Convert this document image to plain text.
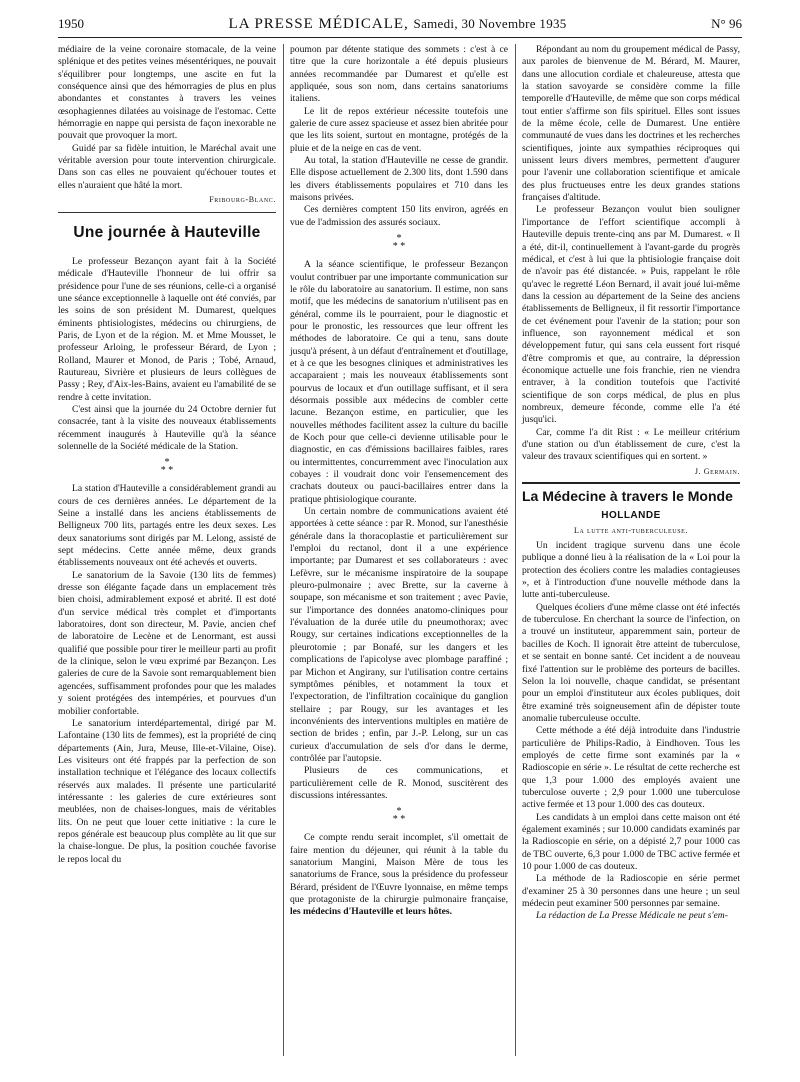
1950	LA PRESSE MÉDICALE, Samedi, 30 Novembre 1935	N° 96

médiaire de la veine coronaire stomacale, de la veine splénique et des petites veines mésentériques, ne pouvait s'équilibrer pour longtemps, une ascite en fut la conséquence ainsi que des hémorragies de plus en plus abondantes et constantes à travers les veines œsophagiennes dilatées au voisinage de l'estomac. Cette hémorragie en nappe qui persista de façon inexorable ne pouvait que provoquer la mort.

Guidé par sa fidèle intuition, le Maréchal avait une véritable aversion pour toute intervention chirurgicale. Dans son cas elles ne pouvaient qu'échouer toutes et elles n'auraient que hâté la mort.

Fribourg-Blanc.
Une journée à Hauteville

Le professeur Bezançon ayant fait à la Société médicale d'Hauteville l'honneur de lui offrir sa présidence pour l'une de ses réunions, celle-ci a organisé une séance exceptionnelle à laquelle ont été conviés, par les soins de son président M. Dumarest, quelques éminents phtisiologistes, médecins ou chirurgiens, de Paris, de Lyon et de la région. M. et Mme Mousset, le professeur Arloing, le professeur Bérard, de Lyon ; Rolland, Maurer et Monod, de Paris ; Tobé, Arnaud, Rautureau, Sivrière et plusieurs de leurs collègues de Passy ; Rey, d'Aix-les-Bains, avaient eu l'amabilité de se rendre à cette invitation.

C'est ainsi que la journée du 24 Octobre dernier fut consacrée, tant à la visite des nouveaux établissements récemment inaugurés à Hauteville qu'à la séance solennelle de la Société médicale de la Station.

*
* *

La station d'Hauteville a considérablement grandi au cours de ces dernières années. Le département de la Seine a installé dans les anciens établissements de Belligneux 700 lits, partagés entre les deux sexes. Les deux sanatoriums sont dirigés par M. Lelong, assisté de sept médecins. Cette année même, deux grands établissements nouveaux ont été achevés et ouverts.

Le sanatorium de la Savoie (130 lits de femmes) dresse son élégante façade dans un emplacement très bien choisi, admirablement exposé et abrité. Il est doté d'un service médical très complet et d'importants laboratoires, dont son directeur, M. Pavie, ancien chef de laboratoire de Lecène et de Lenormant, est aussi qualifié que possible pour tirer le meilleur parti au profit de la clinique, selon le vœu exprimé par Bezançon. Les galeries de cure de la Savoie sont remarquablement bien agencées, suffisamment profondes pour que les malades y soient protégées des intempéries, et pourvues d'un mobilier confortable.

Le sanatorium interdépartemental, dirigé par M. Lafontaine (130 lits de femmes), est la propriété de cinq départements (Ain, Jura, Meuse, Ille-et-Vilaine, Oise). Les visiteurs ont été frappés par la perfection de son installation technique et l'élégance des locaux collectifs réservés aux malades. Il présente une particularité intéressante : les galeries de cure extérieures sont meublées, non de chaises-longues, mais de véritables lits. On ne peut que louer cette initiative : la cure le repos générale est beaucoup plus complète au lit que sur la chaise-longue. De plus, la position couchée favorise le repos local du

poumon par détente statique des sommets : c'est à ce titre que la cure horizontale a été depuis plusieurs années recommandée par Dumarest et qu'elle est appliquée, sous son nom, dans certains sanatoriums italiens.

Le lit de repos extérieur nécessite toutefois une galerie de cure assez spacieuse et assez bien abritée pour que les lits soient, surtout en montagne, protégés de la pluie et de la neige en cas de vent.

Au total, la station d'Hauteville ne cesse de grandir. Elle dispose actuellement de 2.300 lits, dont 1.590 dans les divers établissements populaires et 710 dans les maisons privées.

Ces dernières comptent 150 lits environ, agréés en vue de l'admission des assurés sociaux.

*
* *

A la séance scientifique, le professeur Bezançon voulut contribuer par une importante communication sur le rôle du laboratoire au sanatorium. Il estime, non sans motif, que les médecins de sanatorium n'utilisent pas en général, comme ils le pourraient, pour le diagnostic et pour le pronostic, les ressources que leur offrent les méthodes de laboratoire. Ce qui a tenu, sans doute jusqu'à présent, à un défaut d'entraînement et d'outillage, et à ce que les besognes cliniques et administratives les accaparaient ; mais les nouveaux établissements sont pourvus de locaux et d'un outillage suffisant, et il sera désormais possible aux médecins de combler cette lacune. Bezançon estime, en particulier, que les nouvelles méthodes facilitent assez la culture du bacille de Koch pour que celle-ci devienne utilisable pour le diagnostic, en cas d'émissions bacillaires faibles, rares ou intermittentes, concurremment avec l'inoculation aux cobayes : il voudrait donc voir l'ensemencement des crachats douteux ou pauci-bacillaires entrer dans la pratique phtisiologique courante.

Un certain nombre de communications avaient été apportées à cette séance : par R. Monod, sur l'anesthésie générale dans la thoracoplastie et particulièrement sur l'emploi du rectanol, dont il a une expérience importante; par Dumarest et ses collaborateurs : avec Lefèvre, sur le mécanisme inspiratoire de la soupape pleuro-pulmonaire ; avec Brette, sur la caverne à soupape, son mécanisme et son traitement ; avec Pavie, sur l'importance des données anatomo-cliniques pour l'évaluation de la durée utile du pneumothorax; avec Rougy, sur certaines indications exceptionnelles de la pleurotomie ; par Bonafé, sur les dangers et les complications de l'apicolyse avec plombage paraffiné ; par Michon et Angirany, sur l'utilisation contre certains symptômes pénibles, et notamment la toux et l'expectoration, de l'infiltration cocaïnique du ganglion stellaire ; par Rougy, sur les avantages et les inconvénients des interventions multiples en matière de section de brides ; enfin, par J.-P. Lelong, sur un cas curieux d'accumulation de sels d'or dans le derme, contrôlée par l'autopsie.

Plusieurs de ces communications, et particulièrement celle de R. Monod, suscitèrent des discussions intéressantes.

*
* *

Ce compte rendu serait incomplet, s'il omettait de faire mention du déjeuner, qui réunit à la table du sanatorium Mangini, Maison Mère de tous les sanatoriums de France, sous la présidence du professeur Bérard, président de l'Œuvre lyonnaise, en même temps que protagoniste de la chirurgie pulmonaire française, les médecins d'Hauteville et leurs hôtes.

Répondant au nom du groupement médical de Passy, aux paroles de bienvenue de M. Bérard, M. Maurer, dans une allocution cordiale et chaleureuse, attesta que la station savoyarde se considère comme la fille temporelle d'Hauteville, de même que son corps médical tout entier s'affirme son fils spirituel. Elles sont issues de la même école, celle de Dumarest. Une entière communauté de vues dans les doctrines et les recherches scientifiques, jointe aux sympathies réciproques qui unissent leurs divers membres, permettent d'augurer pour l'avenir une collaboration scientifique et amicale des plus fructueuses entre les deux grandes stations françaises d'altitude.

Le professeur Bezançon voulut bien souligner l'importance de l'effort scientifique accompli à Hauteville depuis trente-cinq ans par M. Dumarest. « Il a été, dit-il, continuellement à l'avant-garde du progrès médical, et c'est à lui que la phtisiologie française doit de n'avoir pas été distancée. » Puis, rappelant le rôle qu'avec le regretté Léon Bernard, il avait joué lui-même dans la cession au département de la Seine des anciens établissements de Belligneux, il fit ressortir l'importance de cet événement pour l'avenir de la station; pour son influence, son rayonnement médical et son développement futur, qui sans cela eussent fort risqué d'être compromis et que, au contraire, la dépression économique actuelle une fois franchie, rien ne viendra entraver, à la condition toutefois que l'activité scientifique de son corps médical, de plus en plus nombreux, demeure féconde, comme elle l'a été jusqu'ici.

Car, comme l'a dit Rist : « Le meilleur critérium d'une station ou d'un établissement de cure, c'est la valeur des travaux scientifiques qui en sortent. »

J. Germain.
La Médecine à travers le Monde
HOLLANDE
La lutte anti-tuberculeuse.

Un incident tragique survenu dans une école publique a donné lieu à la réalisation de la « Loi pour la protection des écoliers contre les maladies contagieuses », et à l'introduction d'une nouvelle méthode dans la lutte anti-tuberculeuse.

Quelques écoliers d'une même classe ont été infectés de tuberculose. En cherchant la source de l'infection, on a trouvé un instituteur, apparemment sain, porteur de bacilles de Koch. Il ignorait être atteint de tuberculose, et se sentait en bonne santé. Cet incident a de nouveau fixé l'attention sur le problème des porteurs de bacilles. Selon la loi nouvelle, chaque candidat, se présentant pour un emploi d'instituteur aux écoles publiques, doit être examiné très soigneusement afin de dépister toute anomalie tuberculeuse occulte.

Cette méthode a été déjà introduite dans l'industrie particulière de Philips-Radio, à Eindhoven. Tous les employés de cette firme sont examinés par la « Radioscopie en série ». Le résultat de cette recherche est que 1,3 pour 1.000 des employés avaient une tuberculose ouverte ; 2,9 pour 1.000 une tuberculose active fermée et 13 pour 1.000 des cas douteux.

Les candidats à un emploi dans cette maison ont été également examinés ; sur 10.000 candidats examinés par la Radioscopie en série, on a dépisté 2,7 pour 1000 cas de TBC ouverte, 6,3 pour 1.000 de TBC active fermée et 10 pour 1.000 de cas douteux.

La méthode de la Radioscopie en série permet d'examiner 25 à 30 personnes dans une heure ; un seul médecin peut examiner 500 personnes par semaine.

La rédaction de La Presse Médicale ne peut s'em-
